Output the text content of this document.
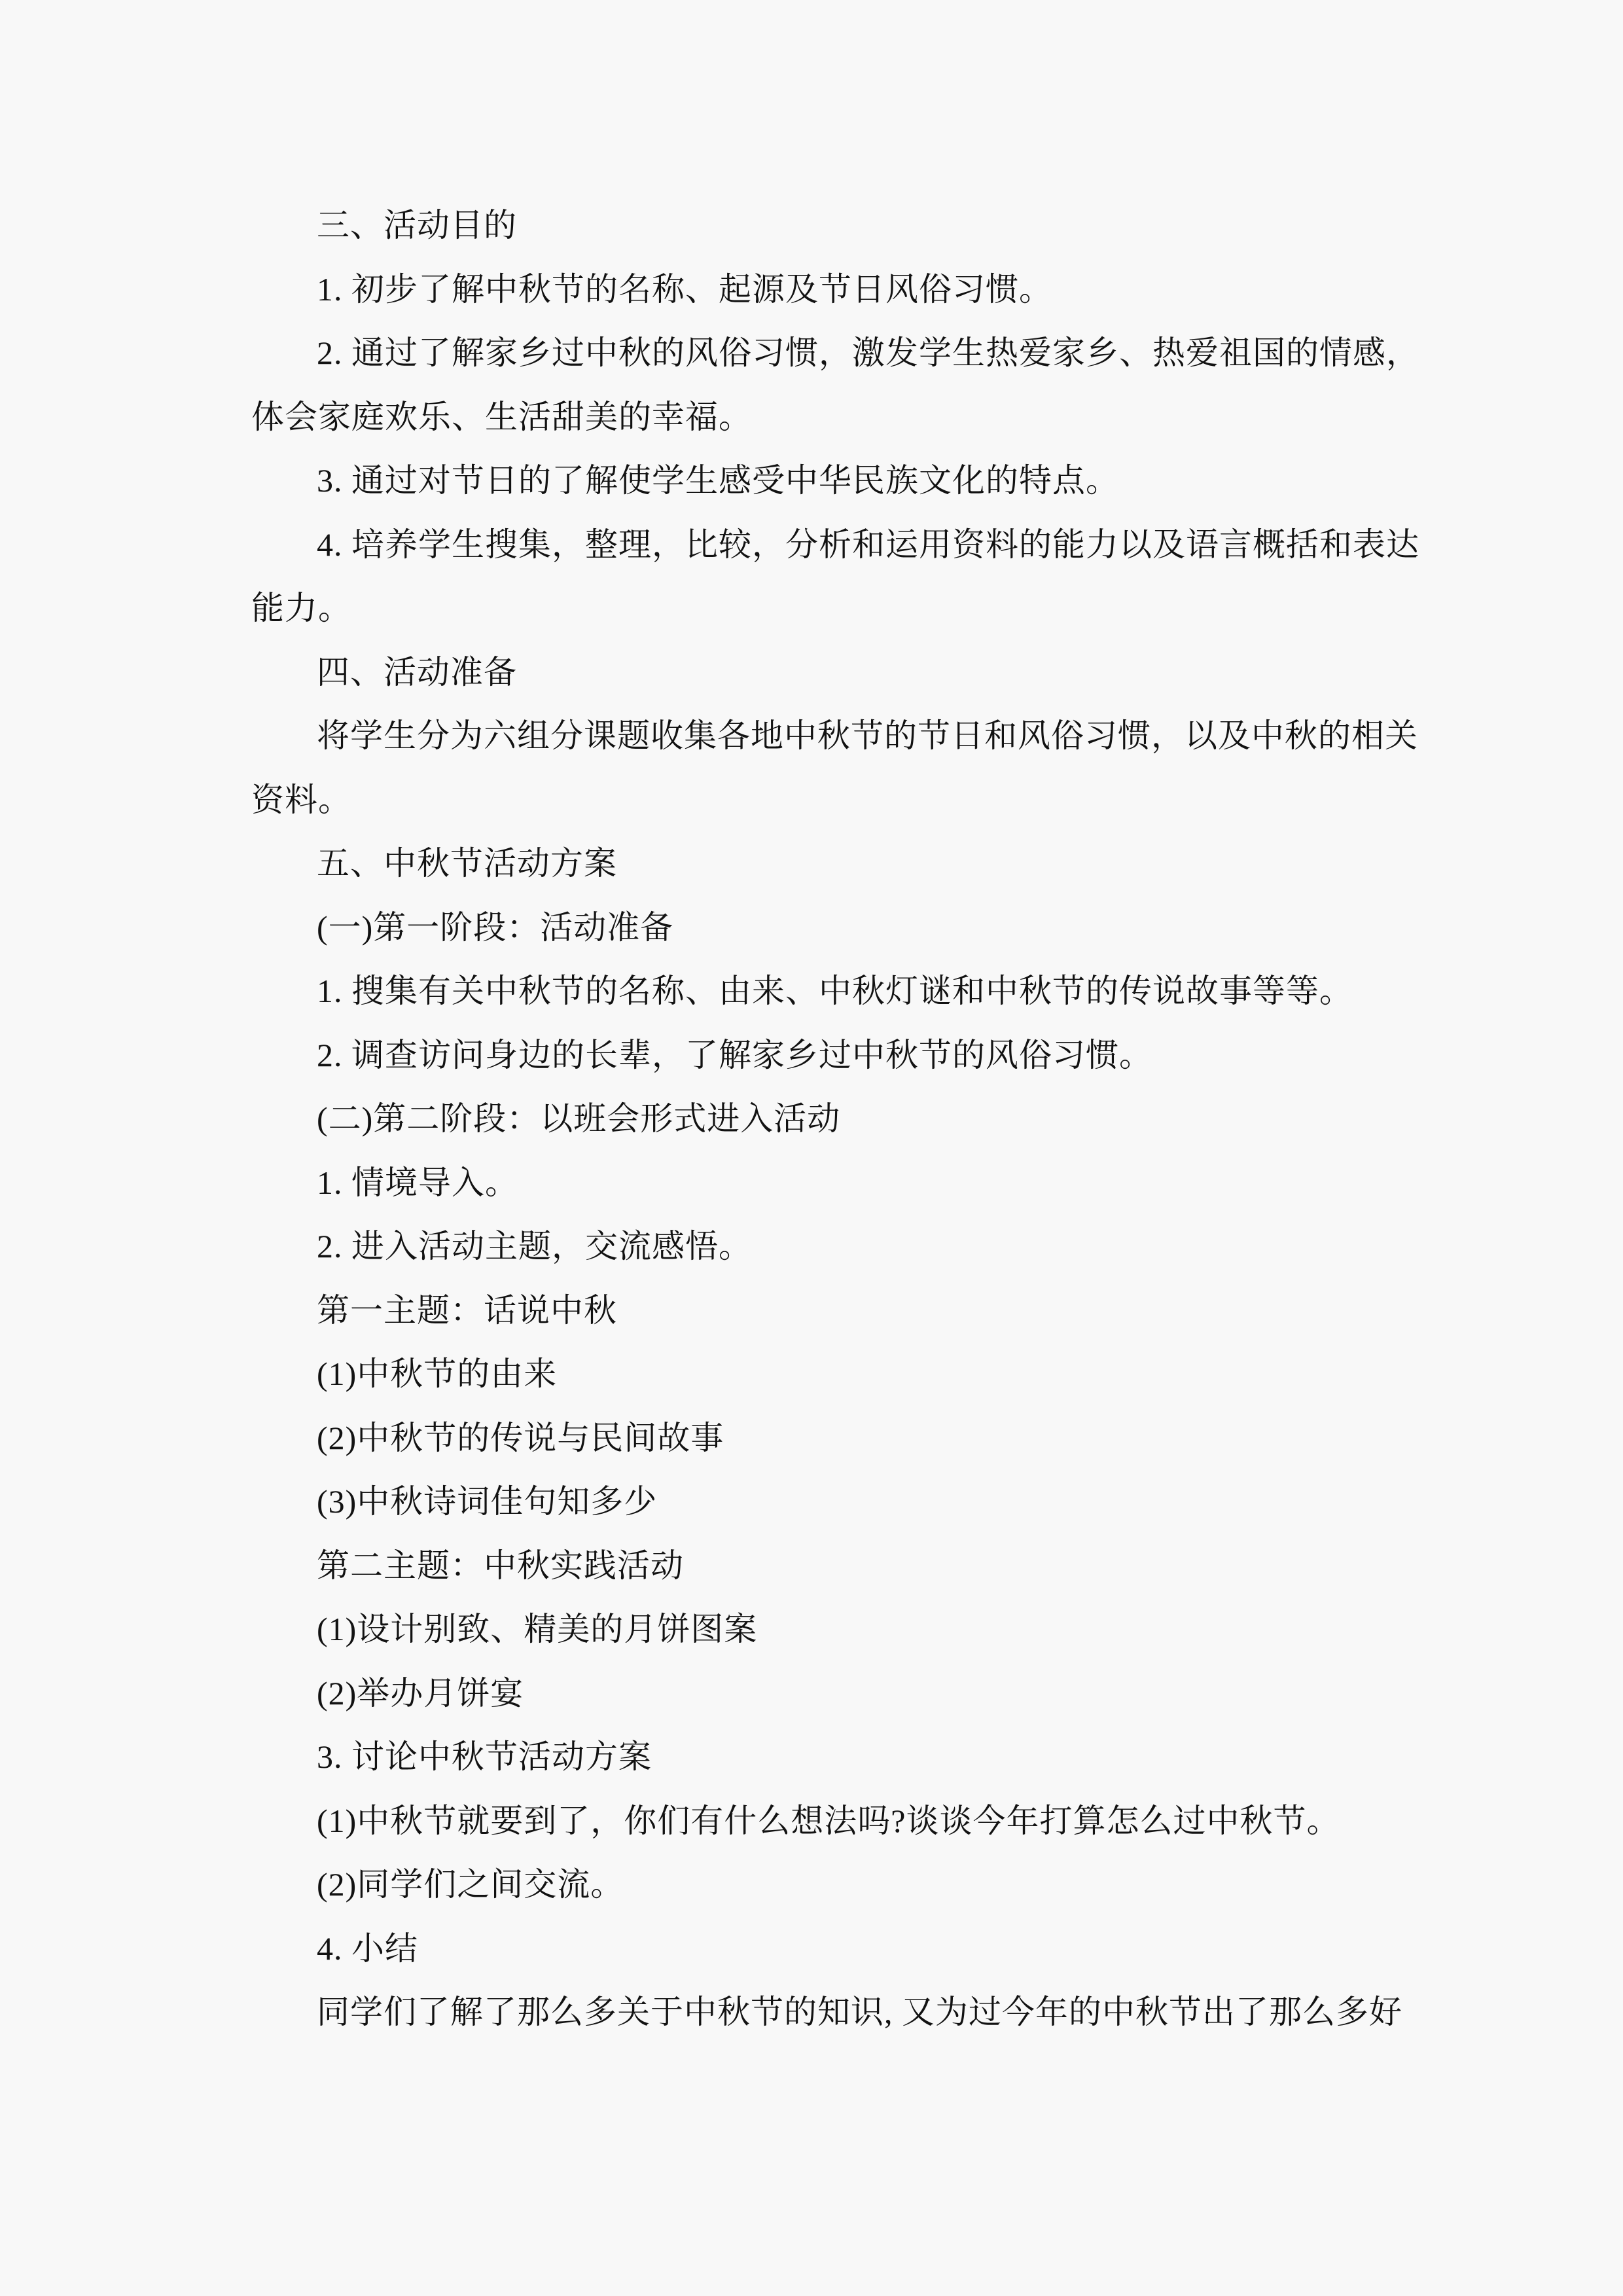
三、活动目的

1. 初步了解中秋节的名称、起源及节日风俗习惯。

2. 通过了解家乡过中秋的风俗习惯，激发学生热爱家乡、热爱祖国的情感，

体会家庭欢乐、生活甜美的幸福。

3. 通过对节日的了解使学生感受中华民族文化的特点。

4. 培养学生搜集，整理，比较，分析和运用资料的能力以及语言概括和表达

能力。

四、活动准备

将学生分为六组分课题收集各地中秋节的节日和风俗习惯，以及中秋的相关

资料。

五、中秋节活动方案

(一)第一阶段：活动准备

1. 搜集有关中秋节的名称、由来、中秋灯谜和中秋节的传说故事等等。

2. 调查访问身边的长辈，了解家乡过中秋节的风俗习惯。

(二)第二阶段：以班会形式进入活动

1. 情境导入。

2. 进入活动主题，交流感悟。

第一主题：话说中秋

(1)中秋节的由来

(2)中秋节的传说与民间故事

(3)中秋诗词佳句知多少

第二主题：中秋实践活动

(1)设计别致、精美的月饼图案

(2)举办月饼宴

3. 讨论中秋节活动方案

(1)中秋节就要到了，你们有什么想法吗?谈谈今年打算怎么过中秋节。

(2)同学们之间交流。

4. 小结

同学们了解了那么多关于中秋节的知识, 又为过今年的中秋节出了那么多好
